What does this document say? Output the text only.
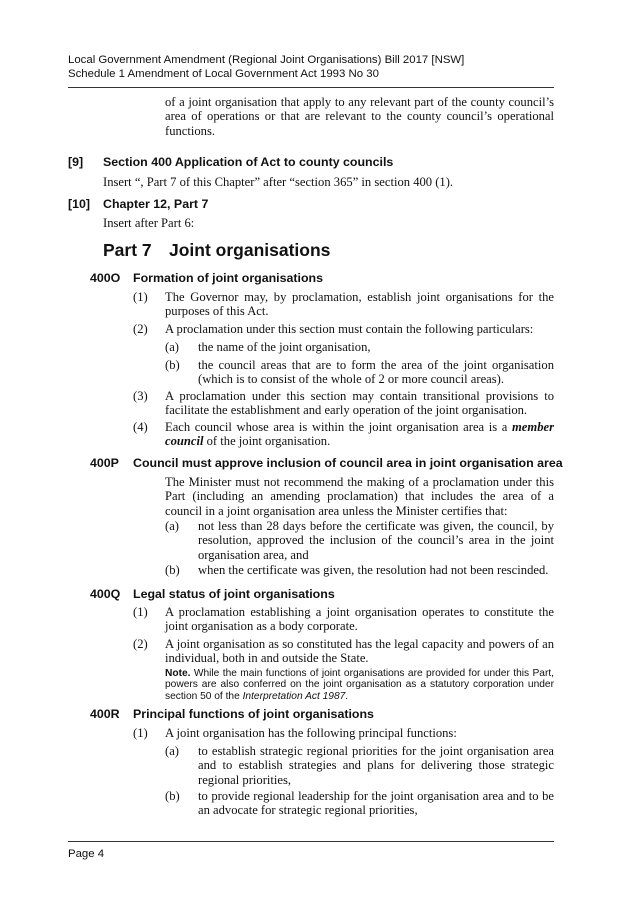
Local Government Amendment (Regional Joint Organisations) Bill 2017 [NSW]
Schedule 1 Amendment of Local Government Act 1993 No 30
of a joint organisation that apply to any relevant part of the county council’s area of operations or that are relevant to the county council’s operational functions.
[9] Section 400 Application of Act to county councils
Insert “, Part 7 of this Chapter” after “section 365” in section 400 (1).
[10] Chapter 12, Part 7
Insert after Part 6:
Part 7 Joint organisations
400O Formation of joint organisations
(1)	The Governor may, by proclamation, establish joint organisations for the purposes of this Act.
(2)	A proclamation under this section must contain the following particulars:
(a)	the name of the joint organisation,
(b)	the council areas that are to form the area of the joint organisation (which is to consist of the whole of 2 or more council areas).
(3)	A proclamation under this section may contain transitional provisions to facilitate the establishment and early operation of the joint organisation.
(4)	Each council whose area is within the joint organisation area is a member council of the joint organisation.
400P Council must approve inclusion of council area in joint organisation area
The Minister must not recommend the making of a proclamation under this Part (including an amending proclamation) that includes the area of a council in a joint organisation area unless the Minister certifies that:
(a)	not less than 28 days before the certificate was given, the council, by resolution, approved the inclusion of the council’s area in the joint organisation area, and
(b)	when the certificate was given, the resolution had not been rescinded.
400Q Legal status of joint organisations
(1)	A proclamation establishing a joint organisation operates to constitute the joint organisation as a body corporate.
(2)	A joint organisation as so constituted has the legal capacity and powers of an individual, both in and outside the State.
Note. While the main functions of joint organisations are provided for under this Part, powers are also conferred on the joint organisation as a statutory corporation under section 50 of the Interpretation Act 1987.
400R Principal functions of joint organisations
(1)	A joint organisation has the following principal functions:
(a)	to establish strategic regional priorities for the joint organisation area and to establish strategies and plans for delivering those strategic regional priorities,
(b)	to provide regional leadership for the joint organisation area and to be an advocate for strategic regional priorities,
Page 4
